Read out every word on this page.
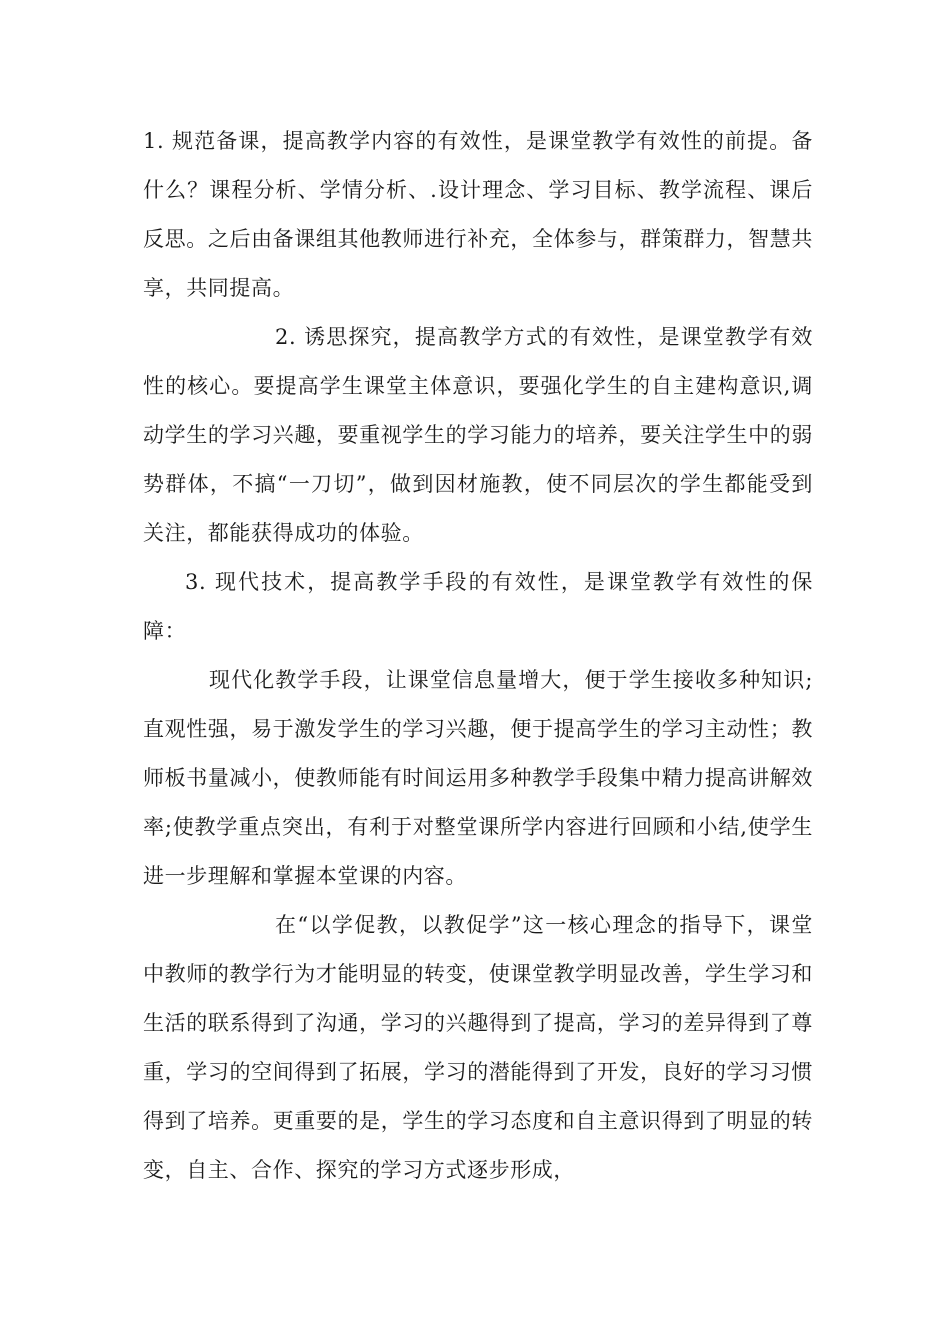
1. 规范备课，提高教学内容的有效性，是课堂教学有效性的前提。备什么？课程分析、学情分析、.设计理念、学习目标、教学流程、课后反思。之后由备课组其他教师进行补充，全体参与，群策群力，智慧共享，共同提高。

2. 诱思探究，提高教学方式的有效性，是课堂教学有效性的核心。要提高学生课堂主体意识，要强化学生的自主建构意识,调动学生的学习兴趣，要重视学生的学习能力的培养，要关注学生中的弱势群体，不搞“一刀切”，做到因材施教，使不同层次的学生都能受到关注，都能获得成功的体验。

3. 现代技术，提高教学手段的有效性，是课堂教学有效性的保障：

现代化教学手段，让课堂信息量增大，便于学生接收多种知识;直观性强，易于激发学生的学习兴趣，便于提高学生的学习主动性；教师板书量减小，使教师能有时间运用多种教学手段集中精力提高讲解效率;使教学重点突出，有利于对整堂课所学内容进行回顾和小结,使学生进一步理解和掌握本堂课的内容。

在“以学促教，以教促学”这一核心理念的指导下，课堂中教师的教学行为才能明显的转变，使课堂教学明显改善，学生学习和生活的联系得到了沟通，学习的兴趣得到了提高，学习的差异得到了尊重，学习的空间得到了拓展，学习的潜能得到了开发，良好的学习习惯得到了培养。更重要的是，学生的学习态度和自主意识得到了明显的转变，自主、合作、探究的学习方式逐步形成，
